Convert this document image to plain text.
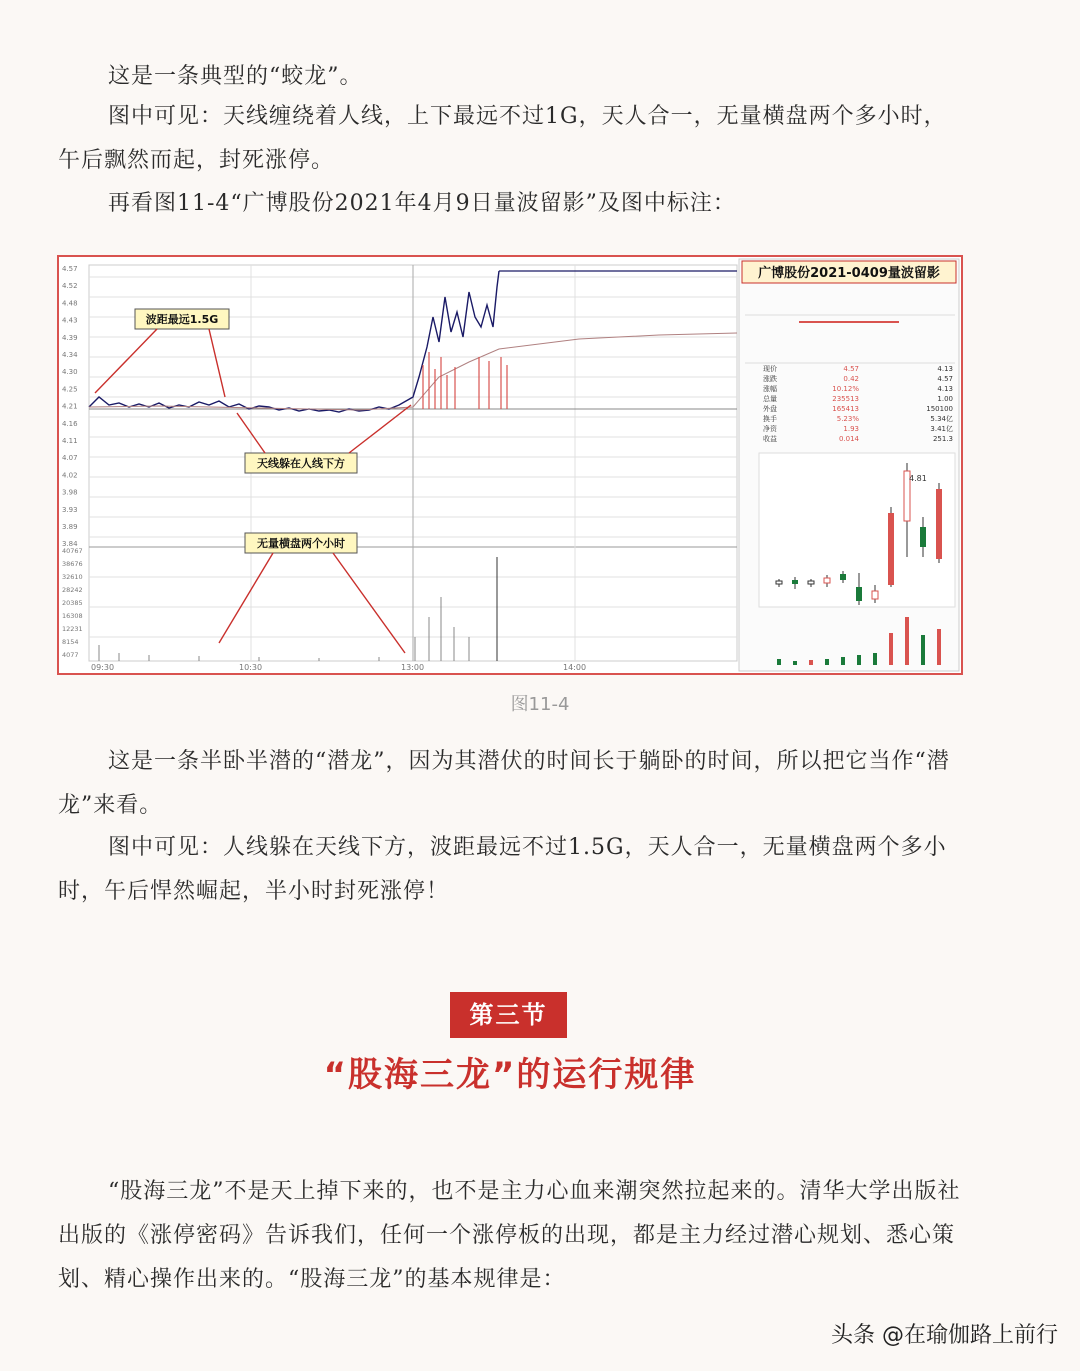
这是一条典型的“蛟龙”。

图中可见：天线缠绕着人线，上下最远不过1G，天人合一，无量横盘两个多小时，午后飘然而起，封死涨停。

再看图11-4“广博股份2021年4月9日量波留影”及图中标注：

4.57
4.52
4.48
4.43
4.39
4.34
4.30
4.25
4.21
4.16
4.11
4.07
4.02
3.98
3.93
3.89
3.84
40767
38676
32610
28242
20385
16308
12231
8154
4077
波距最远1.5G
天线躲在人线下方
无量横盘两个小时
09:30	10:30	13:00	14:00
广博股份2021-0409量波留影
现价	4.57	4.13
涨跌	0.42	4.57
涨幅	10.12%	4.13
总量	235513	1.00
外盘	165413	150100
换手	5.23%	5.34亿
净资	1.93	3.41亿
收益	0.014	251.3
4.81
图11-4

这是一条半卧半潜的“潜龙”，因为其潜伏的时间长于躺卧的时间，所以把它当作“潜龙”来看。

图中可见：人线躲在天线下方，波距最远不过1.5G，天人合一，无量横盘两个多小时，午后悍然崛起，半小时封死涨停！

第三节
“股海三龙”的运行规律

“股海三龙”不是天上掉下来的，也不是主力心血来潮突然拉起来的。清华大学出版社出版的《涨停密码》告诉我们，任何一个涨停板的出现，都是主力经过潜心规划、悉心策划、精心操作出来的。“股海三龙”的基本规律是：

头条 @在瑜伽路上前行
